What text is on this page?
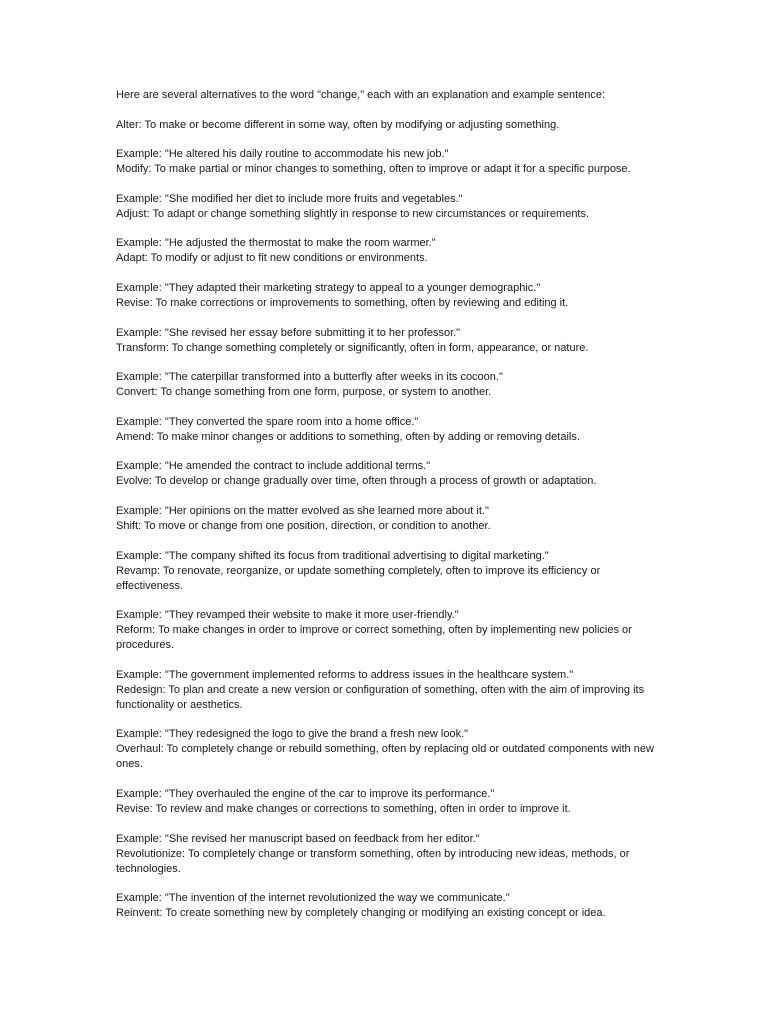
Here are several alternatives to the word "change," each with an explanation and example sentence:

Alter: To make or become different in some way, often by modifying or adjusting something.

Example: "He altered his daily routine to accommodate his new job."

Modify: To make partial or minor changes to something, often to improve or adapt it for a specific purpose.

Example: "She modified her diet to include more fruits and vegetables."

Adjust: To adapt or change something slightly in response to new circumstances or requirements.

Example: "He adjusted the thermostat to make the room warmer."

Adapt: To modify or adjust to fit new conditions or environments.

Example: "They adapted their marketing strategy to appeal to a younger demographic."

Revise: To make corrections or improvements to something, often by reviewing and editing it.

Example: "She revised her essay before submitting it to her professor."

Transform: To change something completely or significantly, often in form, appearance, or nature.

Example: "The caterpillar transformed into a butterfly after weeks in its cocoon."

Convert: To change something from one form, purpose, or system to another.

Example: "They converted the spare room into a home office."

Amend: To make minor changes or additions to something, often by adding or removing details.

Example: "He amended the contract to include additional terms."

Evolve: To develop or change gradually over time, often through a process of growth or adaptation.

Example: "Her opinions on the matter evolved as she learned more about it."

Shift: To move or change from one position, direction, or condition to another.

Example: "The company shifted its focus from traditional advertising to digital marketing."

Revamp: To renovate, reorganize, or update something completely, often to improve its efficiency or effectiveness.

Example: "They revamped their website to make it more user-friendly."

Reform: To make changes in order to improve or correct something, often by implementing new policies or procedures.

Example: "The government implemented reforms to address issues in the healthcare system."

Redesign: To plan and create a new version or configuration of something, often with the aim of improving its functionality or aesthetics.

Example: "They redesigned the logo to give the brand a fresh new look."

Overhaul: To completely change or rebuild something, often by replacing old or outdated components with new ones.

Example: "They overhauled the engine of the car to improve its performance."

Revise: To review and make changes or corrections to something, often in order to improve it.

Example: "She revised her manuscript based on feedback from her editor."

Revolutionize: To completely change or transform something, often by introducing new ideas, methods, or technologies.

Example: "The invention of the internet revolutionized the way we communicate."

Reinvent: To create something new by completely changing or modifying an existing concept or idea.
